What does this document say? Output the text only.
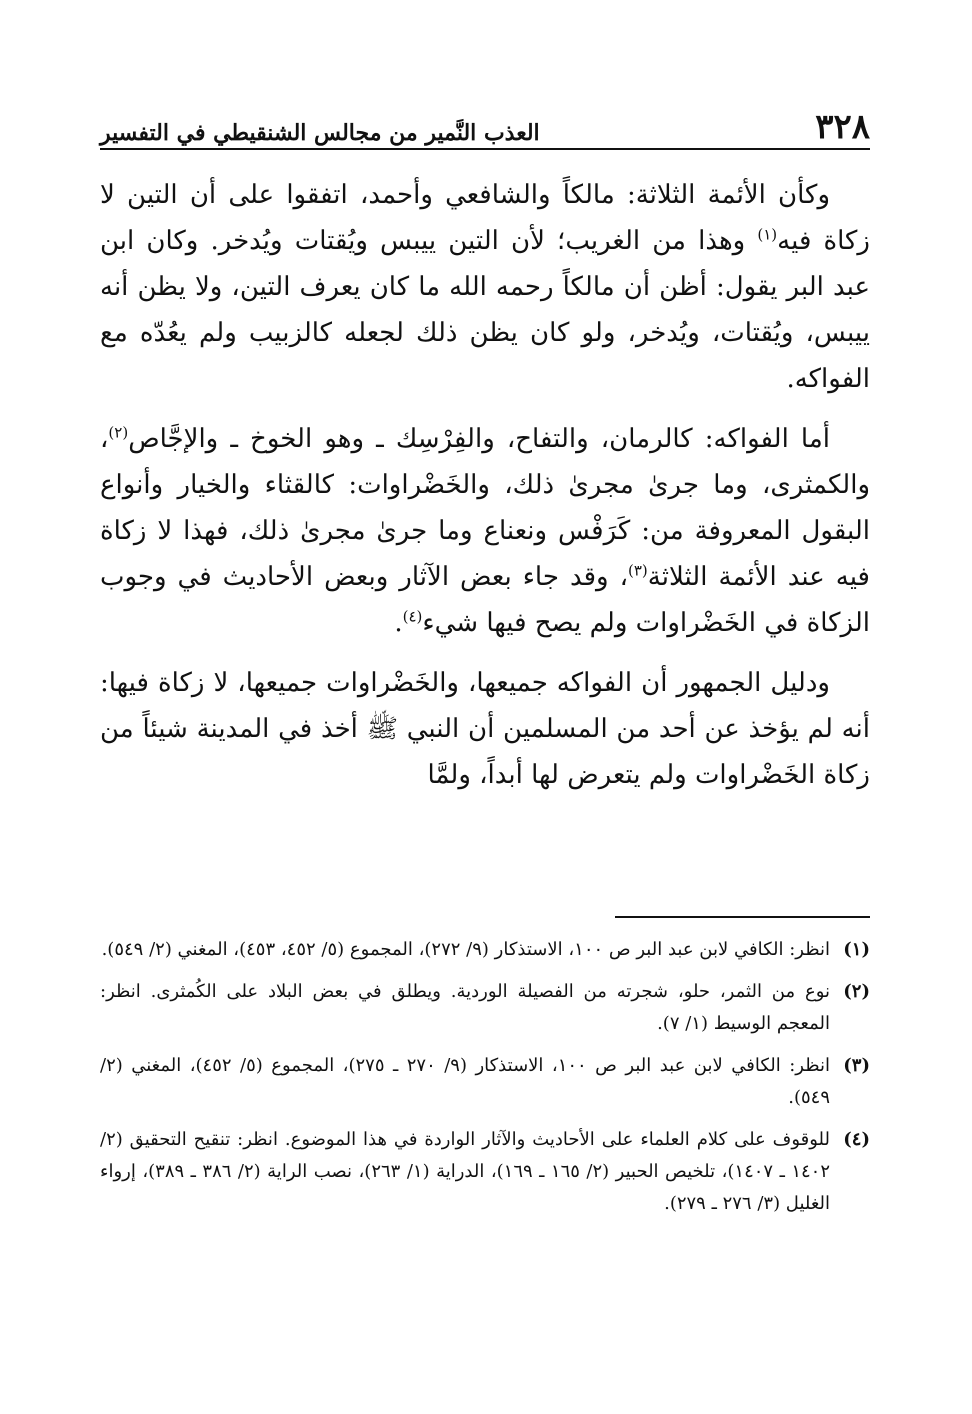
٣٢٨
العذب النَّمير من مجالس الشنقيطي في التفسير

وكأن الأئمة الثلاثة: مالكاً والشافعي وأحمد، اتفقوا على أن التين لا زكاة فيه$^{(١)}$ وهذا من الغريب؛ لأن التين ييبس ويُقتات ويُدخر. وكان ابن عبد البر يقول: أظن أن مالكاً رحمه الله ما كان يعرف التين، ولا يظن أنه ييبس، ويُقتات، ويُدخر، ولو كان يظن ذلك لجعله كالزبيب ولم يعُدّه مع الفواكه.

أما الفواكه: كالرمان، والتفاح، والفِرْسِك ـ وهو الخوخ ـ والإجَّاص$^{(٢)}$، والكمثرى، وما جرىٰ مجرىٰ ذلك، والخَضْراوات: كالقثاء والخيار وأنواع البقول المعروفة من: كَرَفْس ونعناع وما جرىٰ مجرىٰ ذلك، فهذا لا زكاة فيه عند الأئمة الثلاثة$^{(٣)}$، وقد جاء بعض الآثار وبعض الأحاديث في وجوب الزكاة في الخَضْراوات ولم يصح فيها شيء$^{(٤)}$.

ودليل الجمهور أن الفواكه جميعها، والخَضْراوات جميعها، لا زكاة فيها: أنه لم يؤخذ عن أحد من المسلمين أن النبي ﷺ أخذ في المدينة شيئاً من زكاة الخَضْراوات ولم يتعرض لها أبداً، ولمَّا

(١)
انظر: الكافي لابن عبد البر ص ١٠٠، الاستذكار (٩/ ٢٧٢)، المجموع (٥/ ٤٥٢، ٤٥٣)، المغني (٢/ ٥٤٩).
(٢)
نوع من الثمر، حلو، شجرته من الفصيلة الوردية. ويطلق في بعض البلاد على الكُمثرى. انظر: المعجم الوسيط (١/ ٧).
(٣)
انظر: الكافي لابن عبد البر ص ١٠٠، الاستذكار (٩/ ٢٧٠ ـ ٢٧٥)، المجموع (٥/ ٤٥٢)، المغني (٢/ ٥٤٩).
(٤)
للوقوف على كلام العلماء على الأحاديث والآثار الواردة في هذا الموضوع. انظر: تنقيح التحقيق (٢/ ١٤٠٢ ـ ١٤٠٧)، تلخيص الحبير (٢/ ١٦٥ ـ ١٦٩)، الدراية (١/ ٢٦٣)، نصب الراية (٢/ ٣٨٦ ـ ٣٨٩)، إرواء الغليل (٣/ ٢٧٦ ـ ٢٧٩).
